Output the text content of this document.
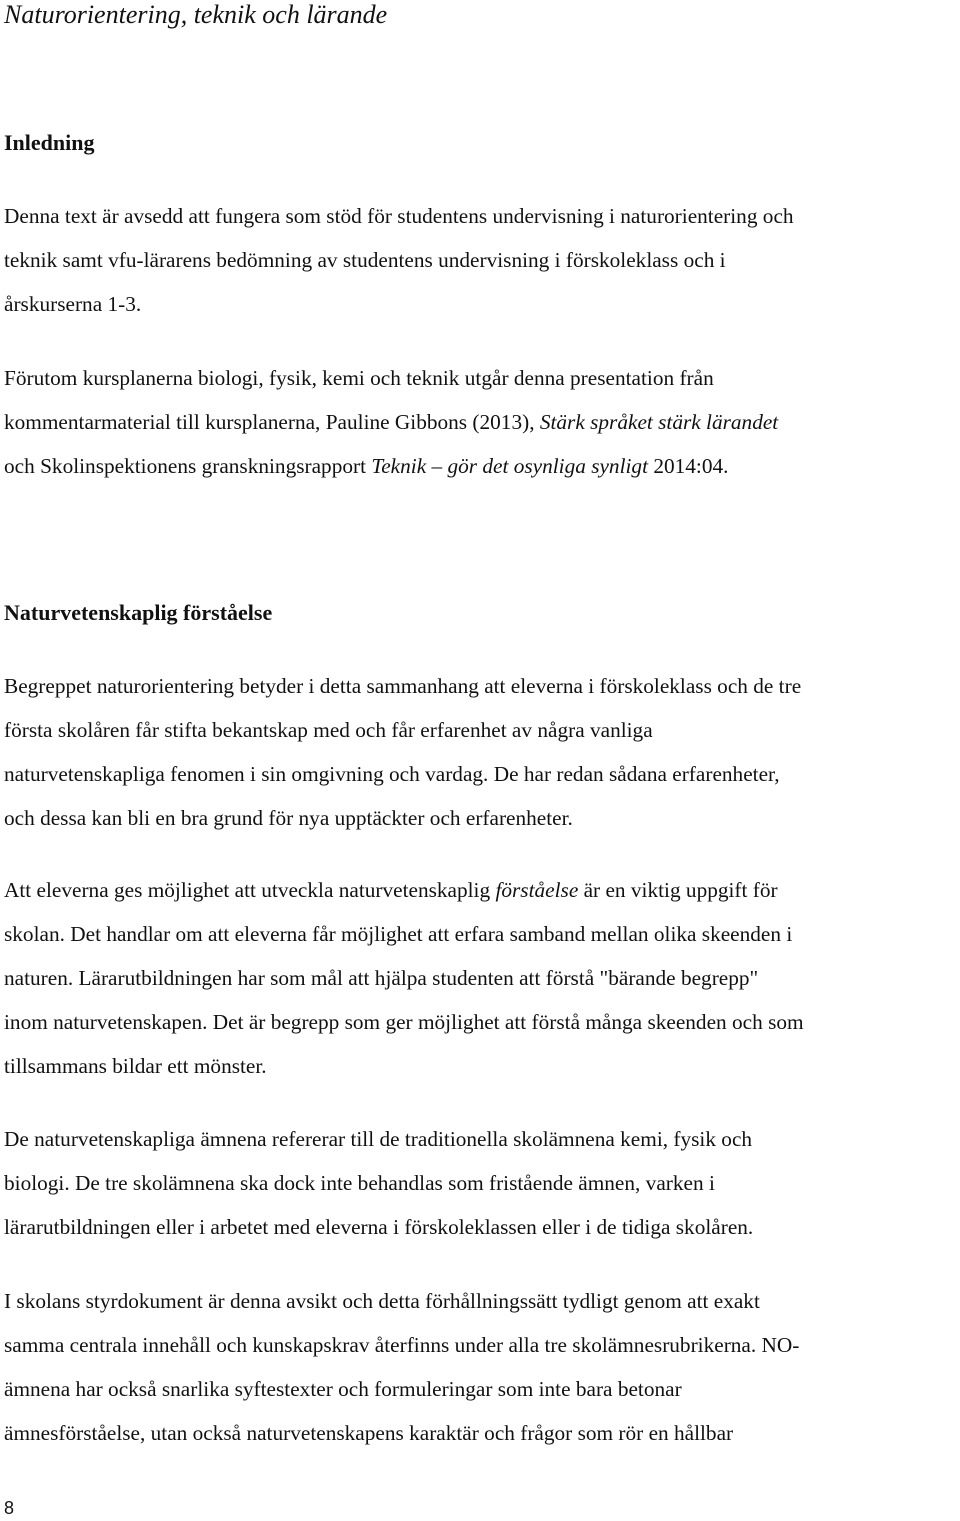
Naturorientering, teknik och lärande
Inledning
Denna text är avsedd att fungera som stöd för studentens undervisning i naturorientering och
teknik samt vfu-lärarens bedömning av studentens undervisning i förskoleklass och i
årskurserna 1-3.
Förutom kursplanerna biologi, fysik, kemi och teknik utgår denna presentation från
kommentarmaterial till kursplanerna, Pauline Gibbons (2013), Stärk språket stärk lärandet
och Skolinspektionens granskningsrapport Teknik – gör det osynliga synligt 2014:04.
Naturvetenskaplig förståelse
Begreppet naturorientering betyder i detta sammanhang att eleverna i förskoleklass och de tre
första skolåren får stifta bekantskap med och får erfarenhet av några vanliga
naturvetenskapliga fenomen i sin omgivning och vardag. De har redan sådana erfarenheter,
och dessa kan bli en bra grund för nya upptäckter och erfarenheter.
Att eleverna ges möjlighet att utveckla naturvetenskaplig förståelse är en viktig uppgift för
skolan. Det handlar om att eleverna får möjlighet att erfara samband mellan olika skeenden i
naturen. Lärarutbildningen har som mål att hjälpa studenten att förstå "bärande begrepp"
inom naturvetenskapen. Det är begrepp som ger möjlighet att förstå många skeenden och som
tillsammans bildar ett mönster.
De naturvetenskapliga ämnena refererar till de traditionella skolämnena kemi, fysik och
biologi. De tre skolämnena ska dock inte behandlas som fristående ämnen, varken i
lärarutbildningen eller i arbetet med eleverna i förskoleklassen eller i de tidiga skolåren.
I skolans styrdokument är denna avsikt och detta förhållningssätt tydligt genom att exakt
samma centrala innehåll och kunskapskrav återfinns under alla tre skolämnesrubrikerna. NO-
ämnena har också snarlika syftestexter och formuleringar som inte bara betonar
ämnesförståelse, utan också naturvetenskapens karaktär och frågor som rör en hållbar
8
